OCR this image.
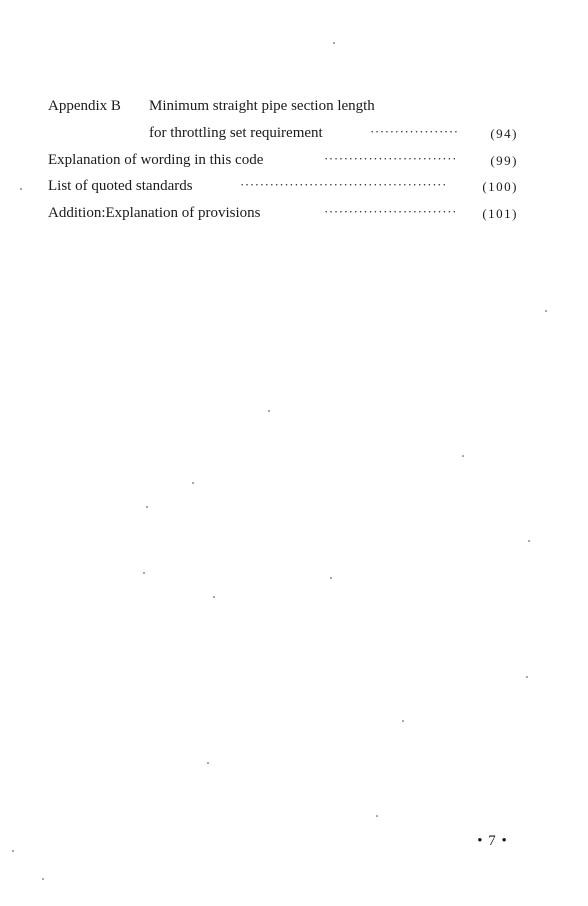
Appendix B Minimum straight pipe section length
for throttling set requirement	·················· (94)
Explanation of wording in this code	···························	(99)
List of quoted standards	··········································	(100)
Addition:Explanation of provisions	··························· (101)
• 7 •
